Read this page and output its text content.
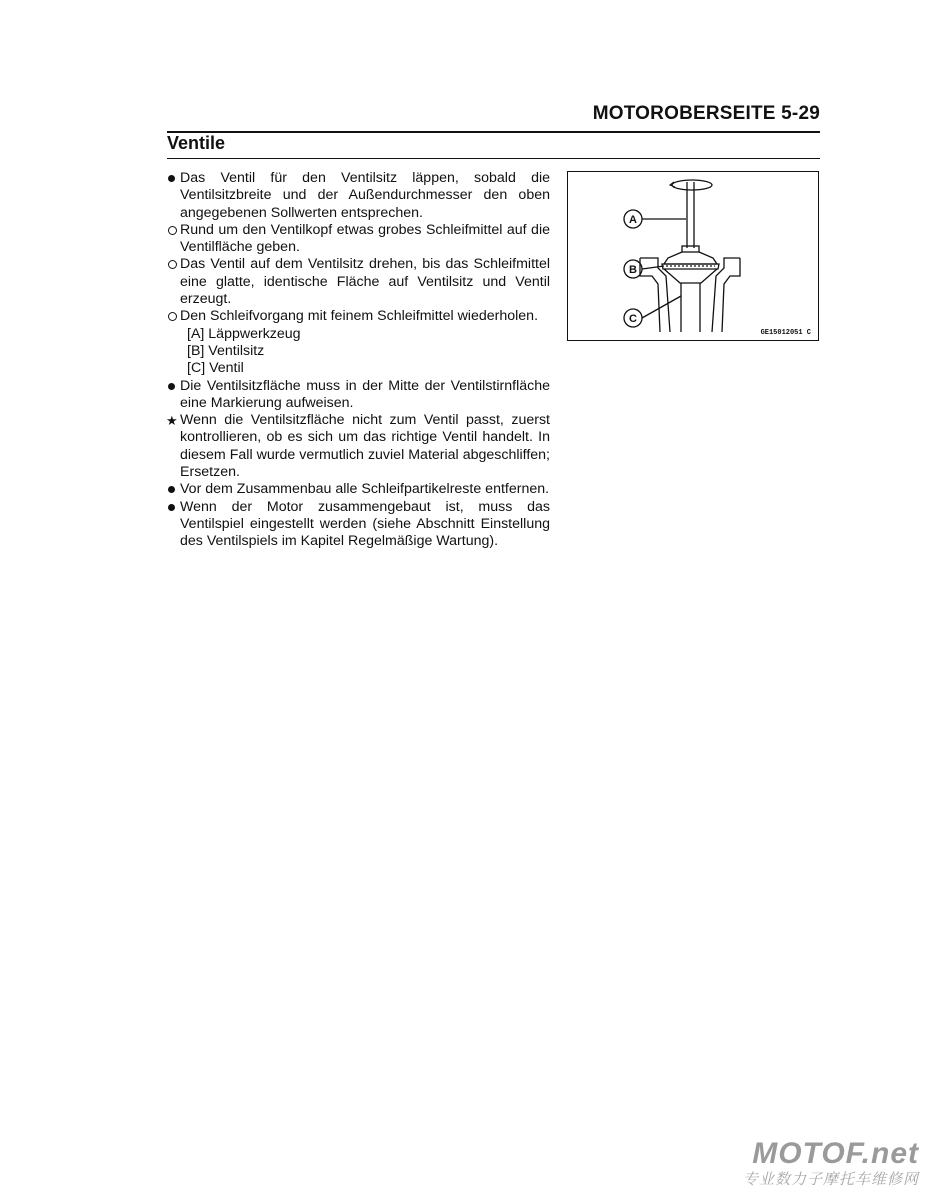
MOTOROBERSEITE 5-29
Ventile
Das Ventil für den Ventilsitz läppen, sobald die Ventilsitzbreite und der Außendurchmesser den oben angegebenen Sollwerten entsprechen.
Rund um den Ventilkopf etwas grobes Schleifmittel auf die Ventilfläche geben.
Das Ventil auf dem Ventilsitz drehen, bis das Schleifmittel eine glatte, identische Fläche auf Ventilsitz und Ventil erzeugt.
Den Schleifvorgang mit feinem Schleifmittel wiederholen.
[A] Läppwerkzeug
[B] Ventilsitz
[C] Ventil
Die Ventilsitzfläche muss in der Mitte der Ventilstirnfläche eine Markierung aufweisen.
★ Wenn die Ventilsitzfläche nicht zum Ventil passt, zuerst kontrollieren, ob es sich um das richtige Ventil handelt. In diesem Fall wurde vermutlich zuviel Material abgeschliffen; Ersetzen.
Vor dem Zusammenbau alle Schleifpartikelreste entfernen.
Wenn der Motor zusammengebaut ist, muss das Ventilspiel eingestellt werden (siehe Abschnitt Einstellung des Ventilspiels im Kapitel Regelmäßige Wartung).
A
B
C
GE15012051 C
MOTOF.net
专业数力子摩托车维修网
